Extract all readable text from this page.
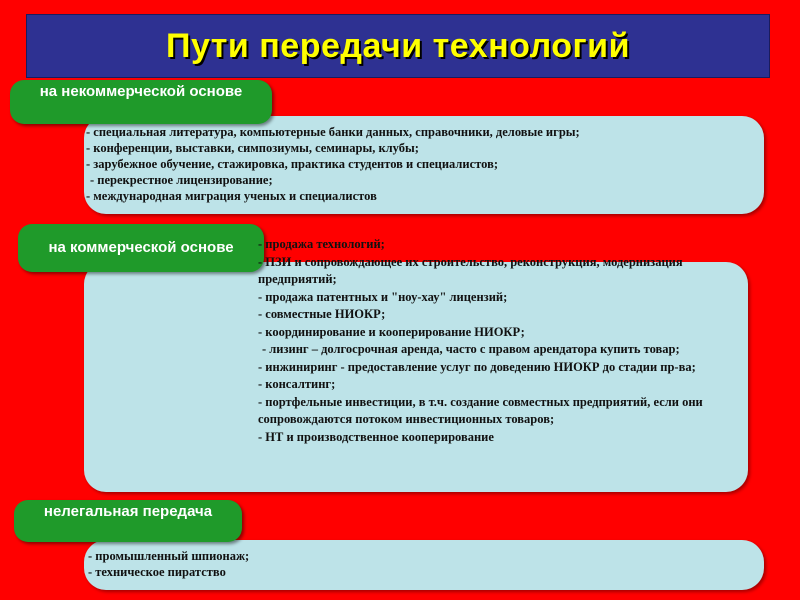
Пути передачи технологий
на некоммерческой основе
на коммерческой основе
нелегальная передача
- специальная литература, компьютерные банки данных, справочники, деловые игры;
- конференции, выставки, симпозиумы, семинары, клубы;
- зарубежное обучение, стажировка, практика студентов и специалистов;
- перекрестное лицензирование;
- международная миграция ученых и специалистов
- продажа технологий;
- ПЗИ и сопровождающее их строительство, реконструкция, модернизация предприятий;
- продажа патентных и "ноу-хау" лицензий;
- совместные НИОКР;
- координирование и кооперирование НИОКР;
- лизинг – долгосрочная аренда, часто с правом арендатора купить товар;
- инжиниринг - предоставление услуг по доведению НИОКР до стадии пр-ва;
- консалтинг;
- портфельные инвестиции, в т.ч. создание совместных предприятий, если они сопровождаются потоком инвестиционных товаров;
- НТ и производственное кооперирование
- промышленный шпионаж;
- техническое пиратство
